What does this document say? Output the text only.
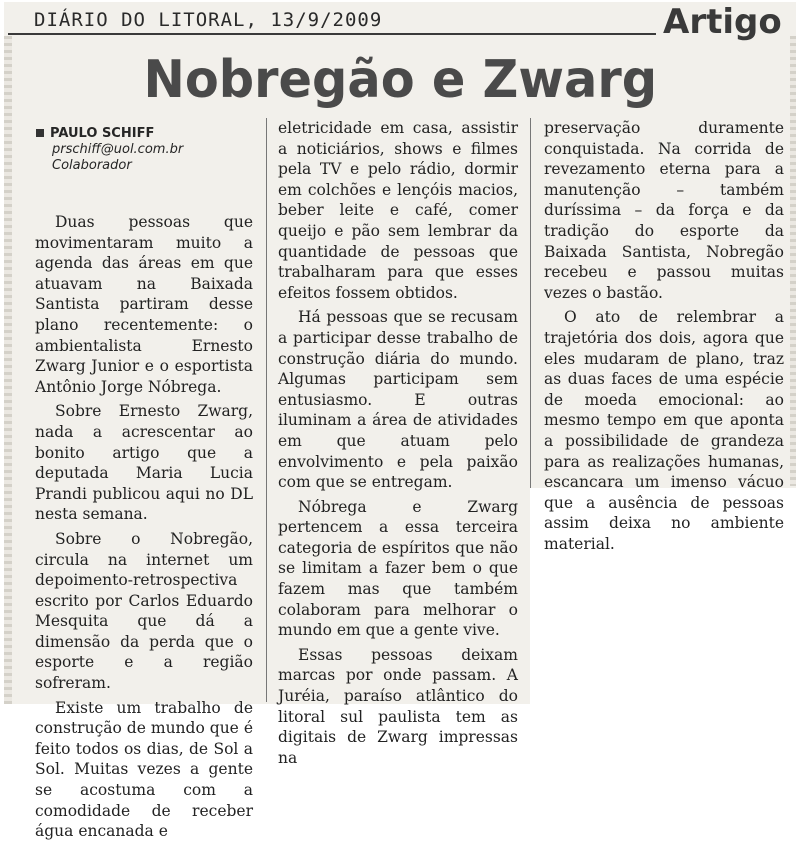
DIÁRIO DO LITORAL, 13/9/2009	Artigo
Nobregão e Zwarg
PAULO SCHIFF
prschiff@uol.com.br
Colaborador

Duas pessoas que movimentaram muito a agenda das áreas em que atuavam na Baixada Santista partiram desse plano recentemente: o ambientalista Ernesto Zwarg Junior e o esportista Antônio Jorge Nóbrega.

Sobre Ernesto Zwarg, nada a acrescentar ao bonito artigo que a deputada Maria Lucia Prandi publicou aqui no DL nesta semana.

Sobre o Nobregão, circula na internet um depoimento-retrospectiva escrito por Carlos Eduardo Mesquita que dá a dimensão da perda que o esporte e a região sofreram.

Existe um trabalho de construção de mundo que é feito todos os dias, de Sol a Sol. Muitas vezes a gente se acostuma com a comodidade de receber água encanada e

eletricidade em casa, assistir a noticiários, shows e filmes pela TV e pelo rádio, dormir em colchões e lençóis macios, beber leite e café, comer queijo e pão sem lembrar da quantidade de pessoas que trabalharam para que esses efeitos fossem obtidos.

Há pessoas que se recusam a participar desse trabalho de construção diária do mundo. Algumas participam sem entusiasmo. E outras iluminam a área de atividades em que atuam pelo envolvimento e pela paixão com que se entregam.

Nóbrega e Zwarg pertencem a essa terceira categoria de espíritos que não se limitam a fazer bem o que fazem mas que também colaboram para melhorar o mundo em que a gente vive.

Essas pessoas deixam marcas por onde passam. A Juréia, paraíso atlântico do litoral sul paulista tem as digitais de Zwarg impressas na

preservação duramente conquistada. Na corrida de revezamento eterna para a manutenção – também duríssima – da força e da tradição do esporte da Baixada Santista, Nobregão recebeu e passou muitas vezes o bastão.

O ato de relembrar a trajetória dos dois, agora que eles mudaram de plano, traz as duas faces de uma espécie de moeda emocional: ao mesmo tempo em que aponta a possibilidade de grandeza para as realizações humanas, escancara um imenso vácuo que a ausência de pessoas assim deixa no ambiente material.
